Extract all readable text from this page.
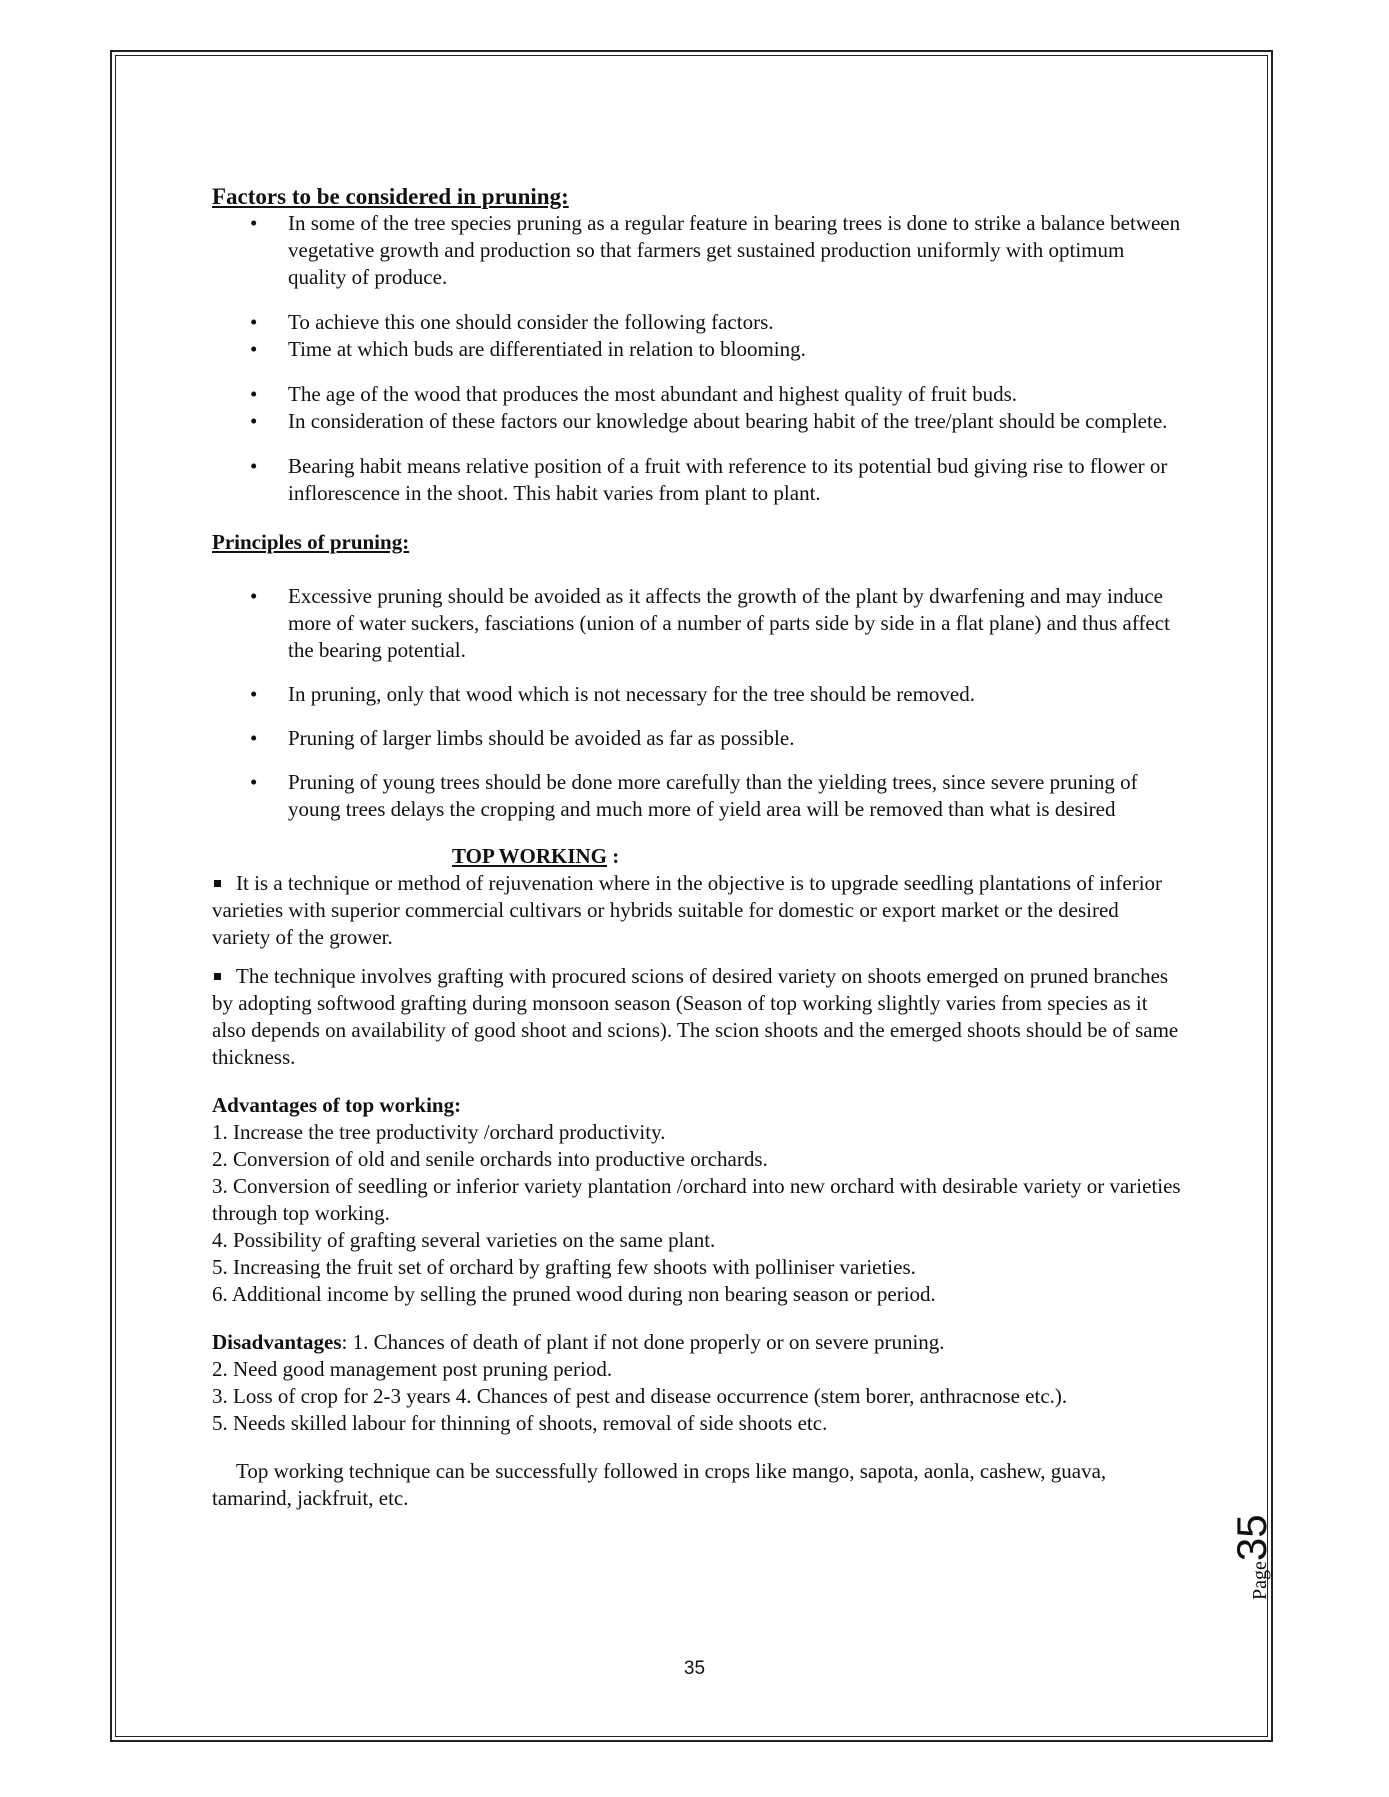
Factors to be considered in pruning:

• In some of the tree species pruning as a regular feature in bearing trees is done to strike a balance between vegetative growth and production so that farmers get sustained production uniformly with optimum quality of produce.
• To achieve this one should consider the following factors.
• Time at which buds are differentiated in relation to blooming.
• The age of the wood that produces the most abundant and highest quality of fruit buds.
• In consideration of these factors our knowledge about bearing habit of the tree/plant should be complete.
• Bearing habit means relative position of a fruit with reference to its potential bud giving rise to flower or inflorescence in the shoot. This habit varies from plant to plant.

Principles of pruning:

• Excessive pruning should be avoided as it affects the growth of the plant by dwarfening and may induce more of water suckers, fasciations (union of a number of parts side by side in a flat plane) and thus affect the bearing potential.
• In pruning, only that wood which is not necessary for the tree should be removed.
• Pruning of larger limbs should be avoided as far as possible.
• Pruning of young trees should be done more carefully than the yielding trees, since severe pruning of young trees delays the cropping and much more of yield area will be removed than what is desired

TOP WORKING :

It is a technique or method of rejuvenation where in the objective is to upgrade seedling plantations of inferior varieties with superior commercial cultivars or hybrids suitable for domestic or export market or the desired variety of the grower.

The technique involves grafting with procured scions of desired variety on shoots emerged on pruned branches by adopting softwood grafting during monsoon season (Season of top working slightly varies from species as it also depends on availability of good shoot and scions). The scion shoots and the emerged shoots should be of same thickness.

Advantages of top working:

1. Increase the tree productivity /orchard productivity.

2. Conversion of old and senile orchards into productive orchards.

3. Conversion of seedling or inferior variety plantation /orchard into new orchard with desirable variety or varieties through top working.

4. Possibility of grafting several varieties on the same plant.

5. Increasing the fruit set of orchard by grafting few shoots with polliniser varieties.

6. Additional income by selling the pruned wood during non bearing season or period.

Disadvantages: 1. Chances of death of plant if not done properly or on severe pruning.

2. Need good management post pruning period.

3. Loss of crop for 2-3 years 4. Chances of pest and disease occurrence (stem borer, anthracnose etc.).

5. Needs skilled labour for thinning of shoots, removal of side shoots etc.

Top working technique can be successfully followed in crops like mango, sapota, aonla, cashew, guava, tamarind, jackfruit, etc.

35
Page35
